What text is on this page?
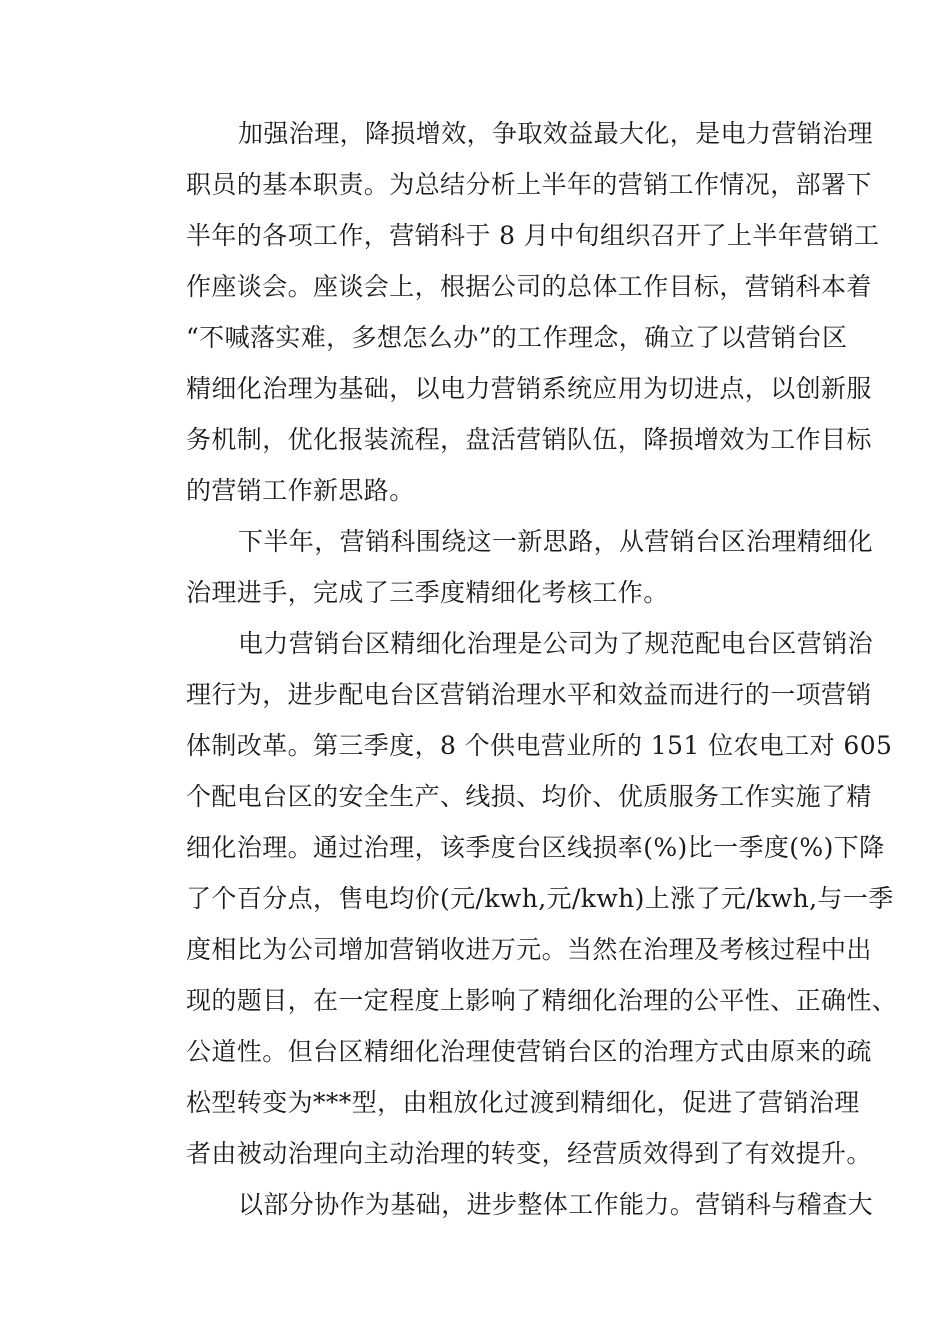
加强治理，降损增效，争取效益最大化，是电力营销治理
职员的基本职责。为总结分析上半年的营销工作情况，部署下
半年的各项工作，营销科于 8 月中旬组织召开了上半年营销工
作座谈会。座谈会上，根据公司的总体工作目标，营销科本着
“不喊落实难，多想怎么办”的工作理念，确立了以营销台区
精细化治理为基础，以电力营销系统应用为切进点，以创新服
务机制，优化报装流程，盘活营销队伍，降损增效为工作目标
的营销工作新思路。
下半年，营销科围绕这一新思路，从营销台区治理精细化
治理进手，完成了三季度精细化考核工作。
电力营销台区精细化治理是公司为了规范配电台区营销治
理行为，进步配电台区营销治理水平和效益而进行的一项营销
体制改革。第三季度，8 个供电营业所的 151 位农电工对 605
个配电台区的安全生产、线损、均价、优质服务工作实施了精
细化治理。通过治理，该季度台区线损率(%)比一季度(%)下降
了个百分点，售电均价(元/kwh,元/kwh)上涨了元/kwh,与一季
度相比为公司增加营销收进万元。当然在治理及考核过程中出
现的题目，在一定程度上影响了精细化治理的公平性、正确性、
公道性。但台区精细化治理使营销台区的治理方式由原来的疏
松型转变为***型，由粗放化过渡到精细化，促进了营销治理
者由被动治理向主动治理的转变，经营质效得到了有效提升。
以部分协作为基础，进步整体工作能力。营销科与稽查大
